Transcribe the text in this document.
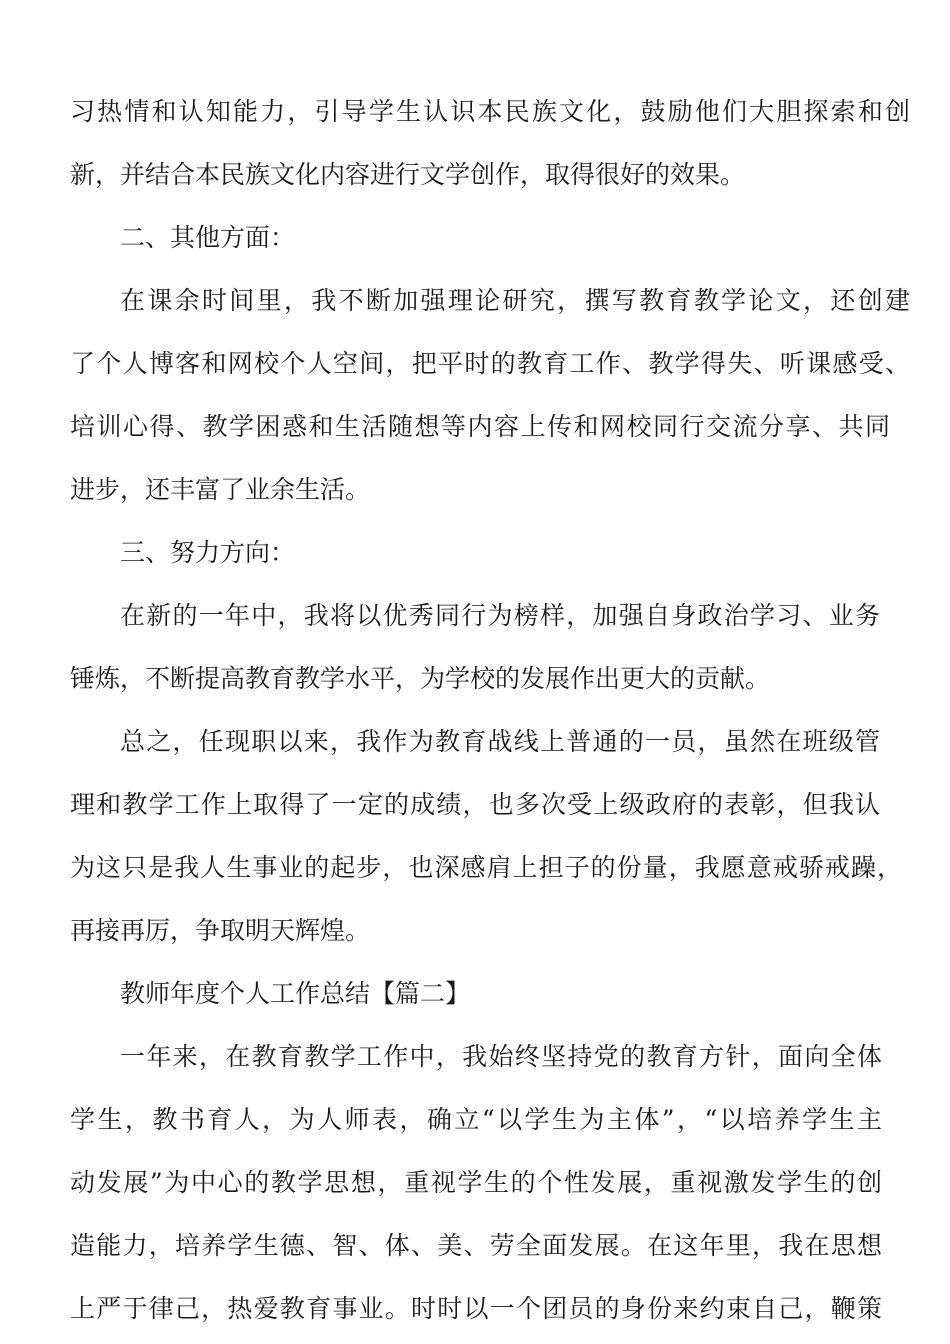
习热情和认知能力，引导学生认识本民族文化，鼓励他们大胆探索和创
新，并结合本民族文化内容进行文学创作，取得很好的效果。
二、其他方面：
在课余时间里，我不断加强理论研究，撰写教育教学论文，还创建
了个人博客和网校个人空间，把平时的教育工作、教学得失、听课感受、
培训心得、教学困惑和生活随想等内容上传和网校同行交流分享、共同
进步，还丰富了业余生活。
三、努力方向：
在新的一年中，我将以优秀同行为榜样，加强自身政治学习、业务
锤炼，不断提高教育教学水平，为学校的发展作出更大的贡献。
总之，任现职以来，我作为教育战线上普通的一员，虽然在班级管
理和教学工作上取得了一定的成绩，也多次受上级政府的表彰，但我认
为这只是我人生事业的起步，也深感肩上担子的份量，我愿意戒骄戒躁，
再接再厉，争取明天辉煌。
教师年度个人工作总结【篇二】
一年来，在教育教学工作中，我始终坚持党的教育方针，面向全体
学生，教书育人，为人师表，确立“以学生为主体”，“以培养学生主
动发展”为中心的教学思想，重视学生的个性发展，重视激发学生的创
造能力，培养学生德、智、体、美、劳全面发展。在这年里，我在思想
上严于律己，热爱教育事业。时时以一个团员的身份来约束自己，鞭策
